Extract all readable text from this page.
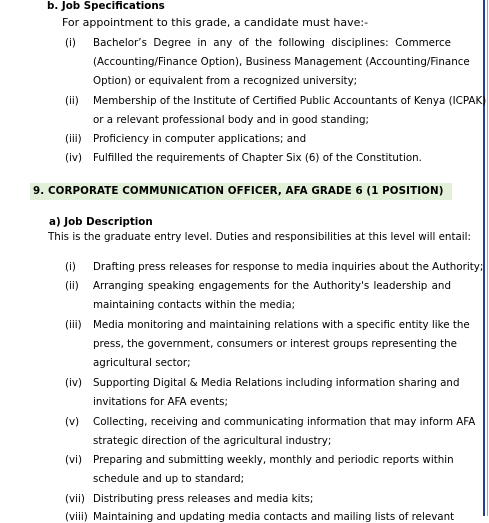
b. Job Specifications
For appointment to this grade, a candidate must have:-
(i) Bachelor’s Degree in any of the following disciplines: Commerce
(Accounting/Finance Option), Business Management (Accounting/Finance
Option) or equivalent from a recognized university;
(ii) Membership of the Institute of Certified Public Accountants of Kenya (ICPAK)
or a relevant professional body and in good standing;
(iii) Proficiency in computer applications; and
(iv) Fulfilled the requirements of Chapter Six (6) of the Constitution.
9. CORPORATE COMMUNICATION OFFICER, AFA GRADE 6 (1 POSITION)
a) Job Description
This is the graduate entry level. Duties and responsibilities at this level will entail:
(i) Drafting press releases for response to media inquiries about the Authority;
(ii) Arranging speaking engagements for the Authority's leadership and
maintaining contacts within the media;
(iii) Media monitoring and maintaining relations with a specific entity like the
press, the government, consumers or interest groups representing the
agricultural sector;
(iv) Supporting Digital & Media Relations including information sharing and
invitations for AFA events;
(v) Collecting, receiving and communicating information that may inform AFA
strategic direction of the agricultural industry;
(vi) Preparing and submitting weekly, monthly and periodic reports within
schedule and up to standard;
(vii) Distributing press releases and media kits;
(viii) Maintaining and updating media contacts and mailing lists of relevant
